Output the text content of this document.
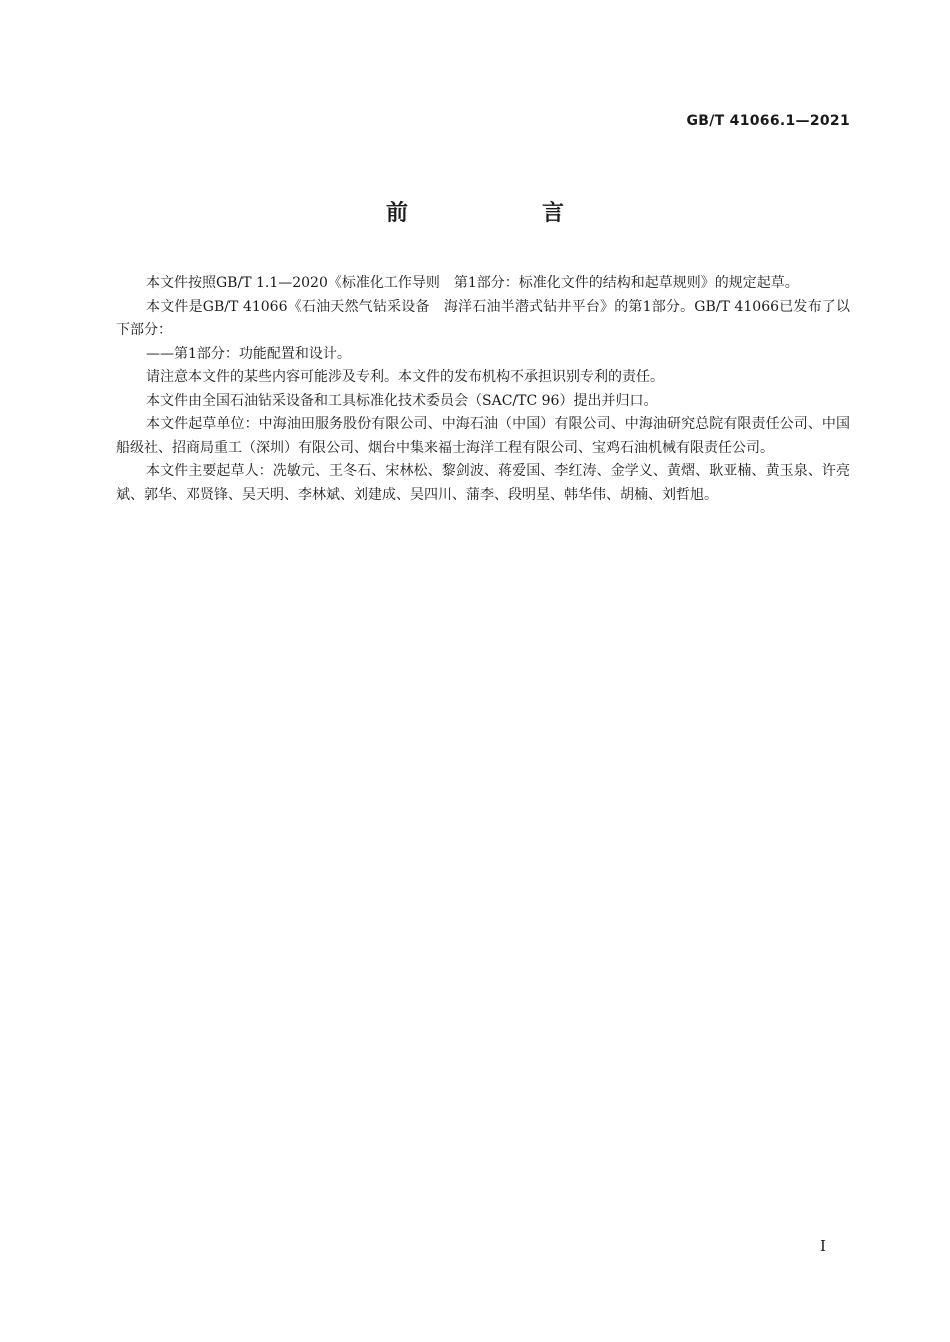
GB/T 41066.1—2021
前　言

本文件按照GB/T 1.1—2020《标准化工作导则　第1部分：标准化文件的结构和起草规则》的规定起草。

本文件是GB/T 41066《石油天然气钻采设备　海洋石油半潜式钻井平台》的第1部分。GB/T 41066已发布了以下部分：

——第1部分：功能配置和设计。

请注意本文件的某些内容可能涉及专利。本文件的发布机构不承担识别专利的责任。

本文件由全国石油钻采设备和工具标准化技术委员会（SAC/TC 96）提出并归口。

本文件起草单位：中海油田服务股份有限公司、中海石油（中国）有限公司、中海油研究总院有限责任公司、中国船级社、招商局重工（深圳）有限公司、烟台中集来福士海洋工程有限公司、宝鸡石油机械有限责任公司。

本文件主要起草人：冼敏元、王冬石、宋林松、黎剑波、蒋爱国、李红涛、金学义、黄熠、耿亚楠、黄玉泉、许亮斌、郭华、邓贤锋、吴天明、李林斌、刘建成、吴四川、蒲李、段明星、韩华伟、胡楠、刘哲旭。

I
